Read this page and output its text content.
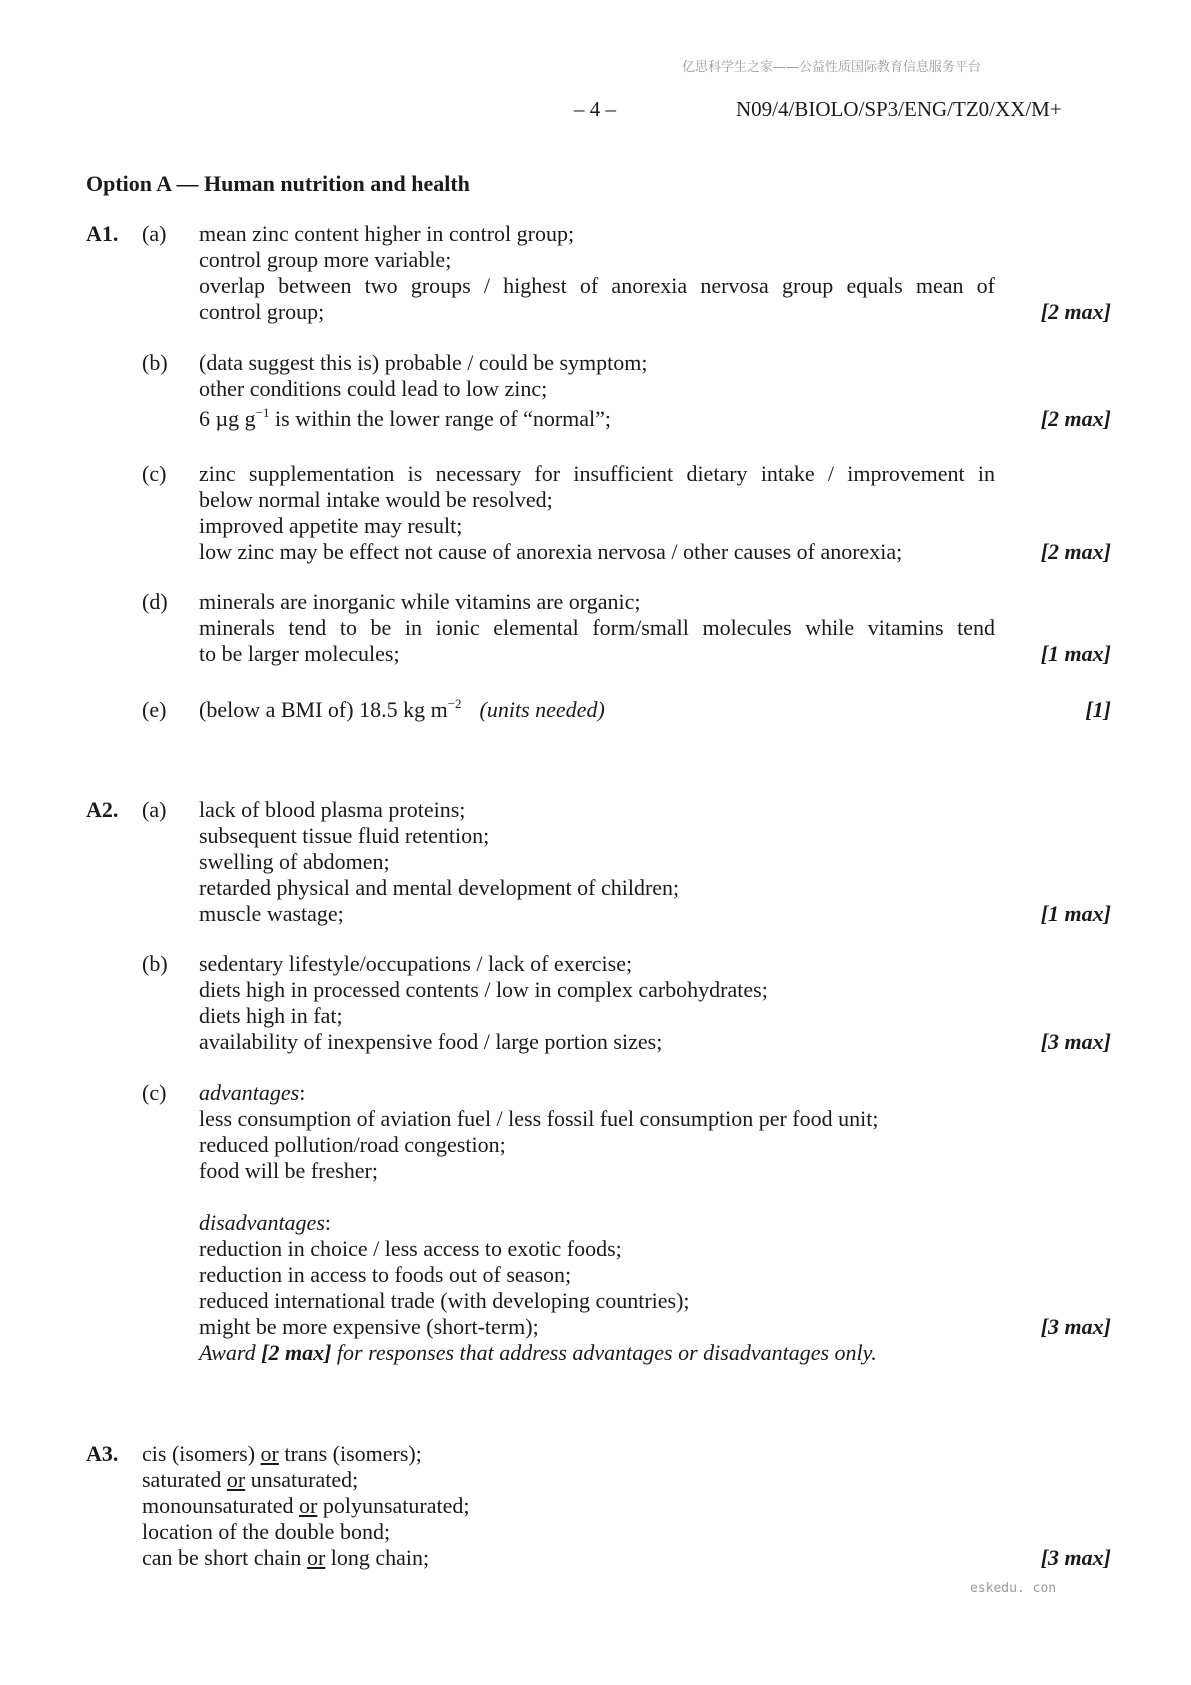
亿思科学生之家——公益性质国际教育信息服务平台
– 4 –	N09/4/BIOLO/SP3/ENG/TZ0/XX/M+
Option A — Human nutrition and health
A1. (a) mean zinc content higher in control group;
control group more variable;
overlap between two groups / highest of anorexia nervosa group equals mean of
control group;	[2 max]
(b) (data suggest this is) probable / could be symptom;
other conditions could lead to low zinc;
6 µg $g^{-1}$ is within the lower range of “normal”;	[2 max]
(c) zinc supplementation is necessary for insufficient dietary intake / improvement in
below normal intake would be resolved;
improved appetite may result;
low zinc may be effect not cause of anorexia nervosa / other causes of anorexia;	[2 max]
(d) minerals are inorganic while vitamins are organic;
minerals tend to be in ionic elemental form/small molecules while vitamins tend
to be larger molecules;	[1 max]
(e) (below a BMI of) 18.5 kg $m^{-2}$ (units needed)	[1]
A2. (a) lack of blood plasma proteins;
subsequent tissue fluid retention;
swelling of abdomen;
retarded physical and mental development of children;
muscle wastage;	[1 max]
(b) sedentary lifestyle/occupations / lack of exercise;
diets high in processed contents / low in complex carbohydrates;
diets high in fat;
availability of inexpensive food / large portion sizes;	[3 max]
(c) advantages:
less consumption of aviation fuel / less fossil fuel consumption per food unit;
reduced pollution/road congestion;
food will be fresher;
disadvantages:
reduction in choice / less access to exotic foods;
reduction in access to foods out of season;
reduced international trade (with developing countries);
might be more expensive (short-term);
Award [2 max] for responses that address advantages or disadvantages only.
[3 max]
A3. cis (isomers) or trans (isomers);
saturated or unsaturated;
monounsaturated or polyunsaturated;
location of the double bond;
can be short chain or long chain;	[3 max]
eskedu. con
